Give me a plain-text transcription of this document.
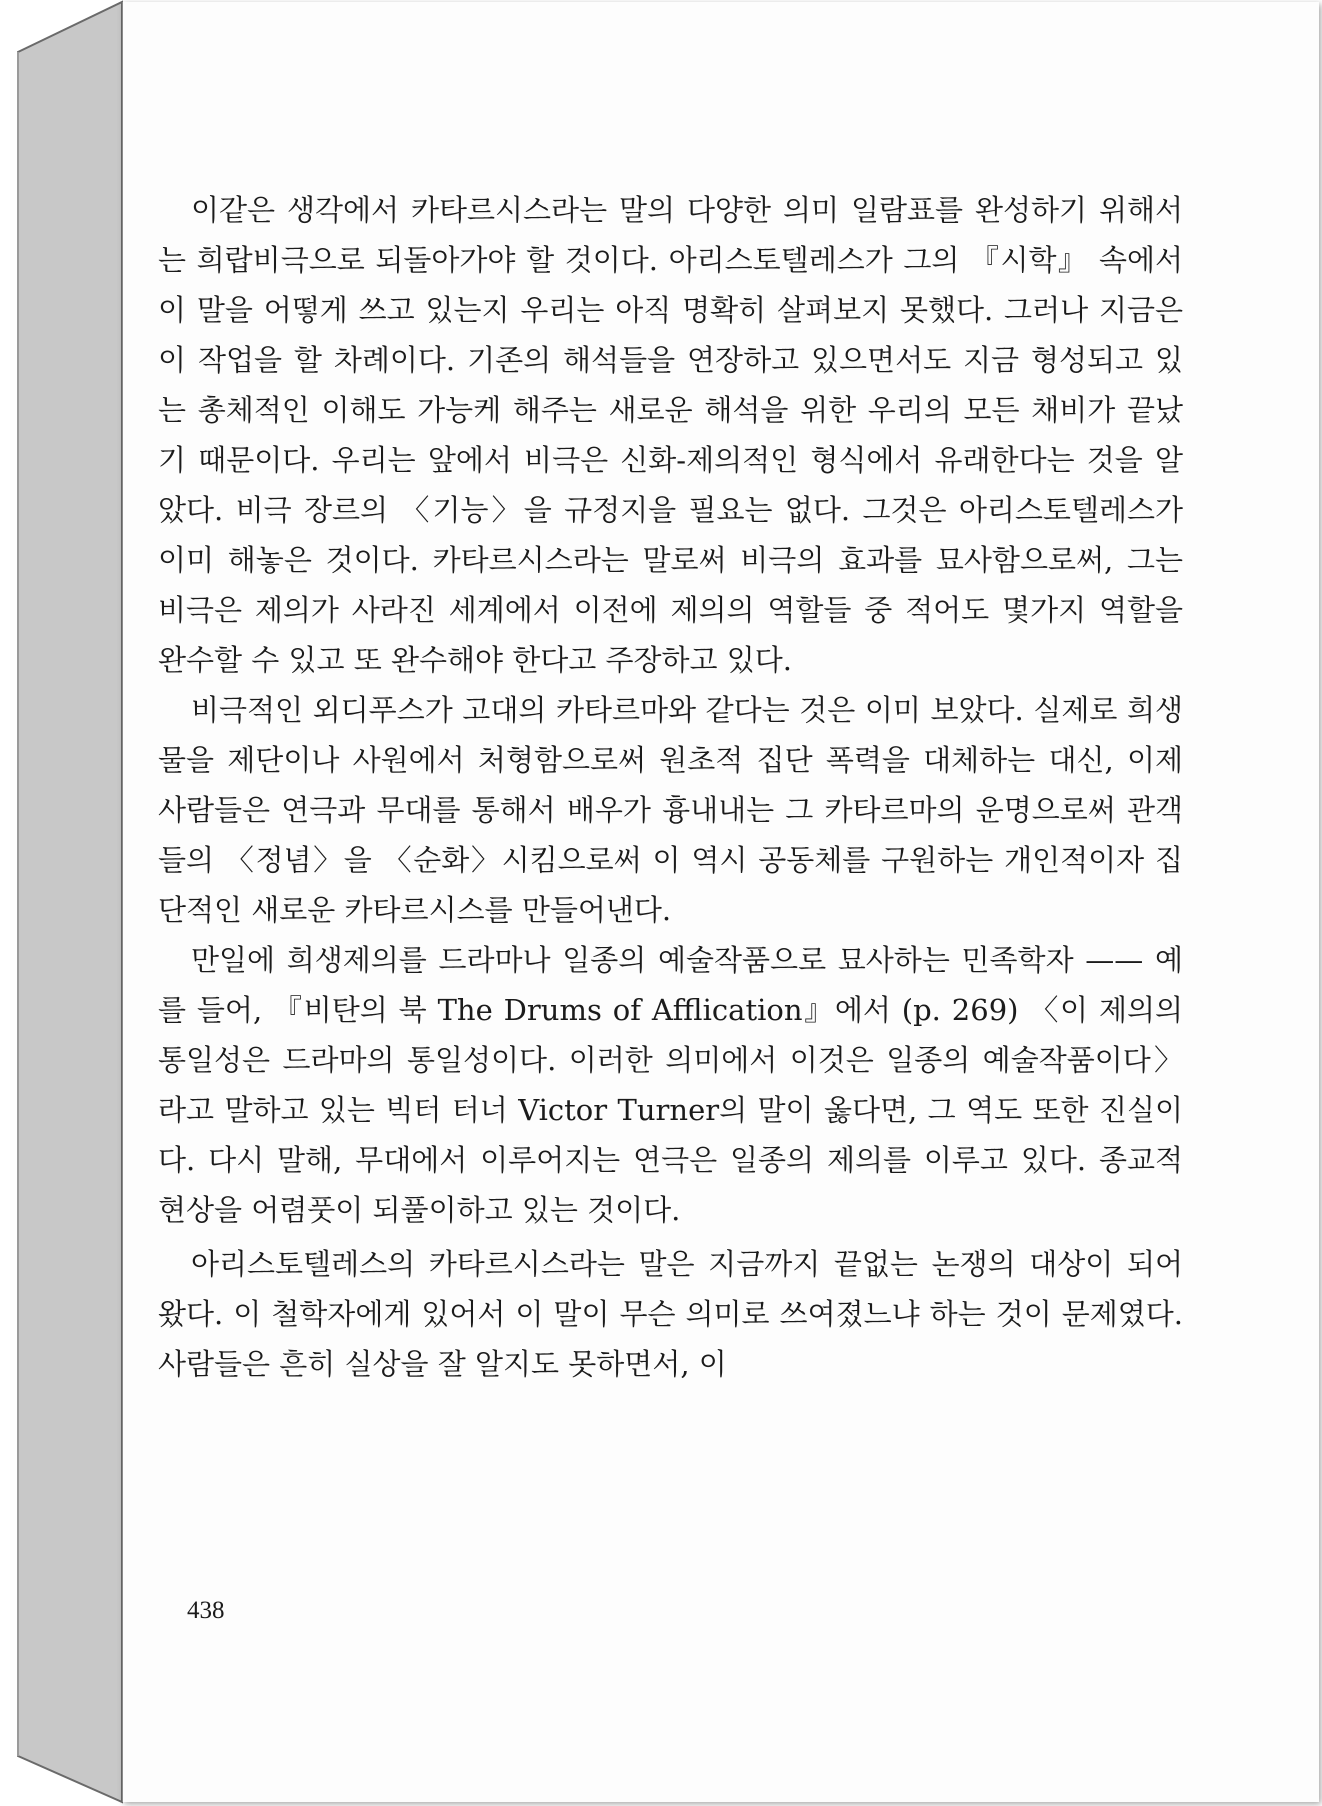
이같은 생각에서 카타르시스라는 말의 다양한 의미 일람표를 완성하기 위해서는 희랍비극으로 되돌아가야 할 것이다. 아리스토텔레스가 그의 『시학』 속에서 이 말을 어떻게 쓰고 있는지 우리는 아직 명확히 살펴보지 못했다. 그러나 지금은 이 작업을 할 차례이다. 기존의 해석들을 연장하고 있으면서도 지금 형성되고 있는 총체적인 이해도 가능케 해주는 새로운 해석을 위한 우리의 모든 채비가 끝났기 때문이다. 우리는 앞에서 비극은 신화-제의적인 형식에서 유래한다는 것을 알았다. 비극 장르의 〈기능〉을 규정지을 필요는 없다. 그것은 아리스토텔레스가 이미 해놓은 것이다. 카타르시스라는 말로써 비극의 효과를 묘사함으로써, 그는 비극은 제의가 사라진 세계에서 이전에 제의의 역할들 중 적어도 몇가지 역할을 완수할 수 있고 또 완수해야 한다고 주장하고 있다.

비극적인 외디푸스가 고대의 카타르마와 같다는 것은 이미 보았다. 실제로 희생물을 제단이나 사원에서 처형함으로써 원초적 집단 폭력을 대체하는 대신, 이제 사람들은 연극과 무대를 통해서 배우가 흉내내는 그 카타르마의 운명으로써 관객들의 〈정념〉을 〈순화〉시킴으로써 이 역시 공동체를 구원하는 개인적이자 집단적인 새로운 카타르시스를 만들어낸다.

만일에 희생제의를 드라마나 일종의 예술작품으로 묘사하는 민족학자 —— 예를 들어, 『비탄의 북 The Drums of Afflication』에서 (p. 269) 〈이 제의의 통일성은 드라마의 통일성이다. 이러한 의미에서 이것은 일종의 예술작품이다〉라고 말하고 있는 빅터 터너 Victor Turner의 말이 옳다면, 그 역도 또한 진실이다. 다시 말해, 무대에서 이루어지는 연극은 일종의 제의를 이루고 있다. 종교적 현상을 어렴풋이 되풀이하고 있는 것이다.

아리스토텔레스의 카타르시스라는 말은 지금까지 끝없는 논쟁의 대상이 되어 왔다. 이 철학자에게 있어서 이 말이 무슨 의미로 쓰여졌느냐 하는 것이 문제였다. 사람들은 흔히 실상을 잘 알지도 못하면서, 이

438
